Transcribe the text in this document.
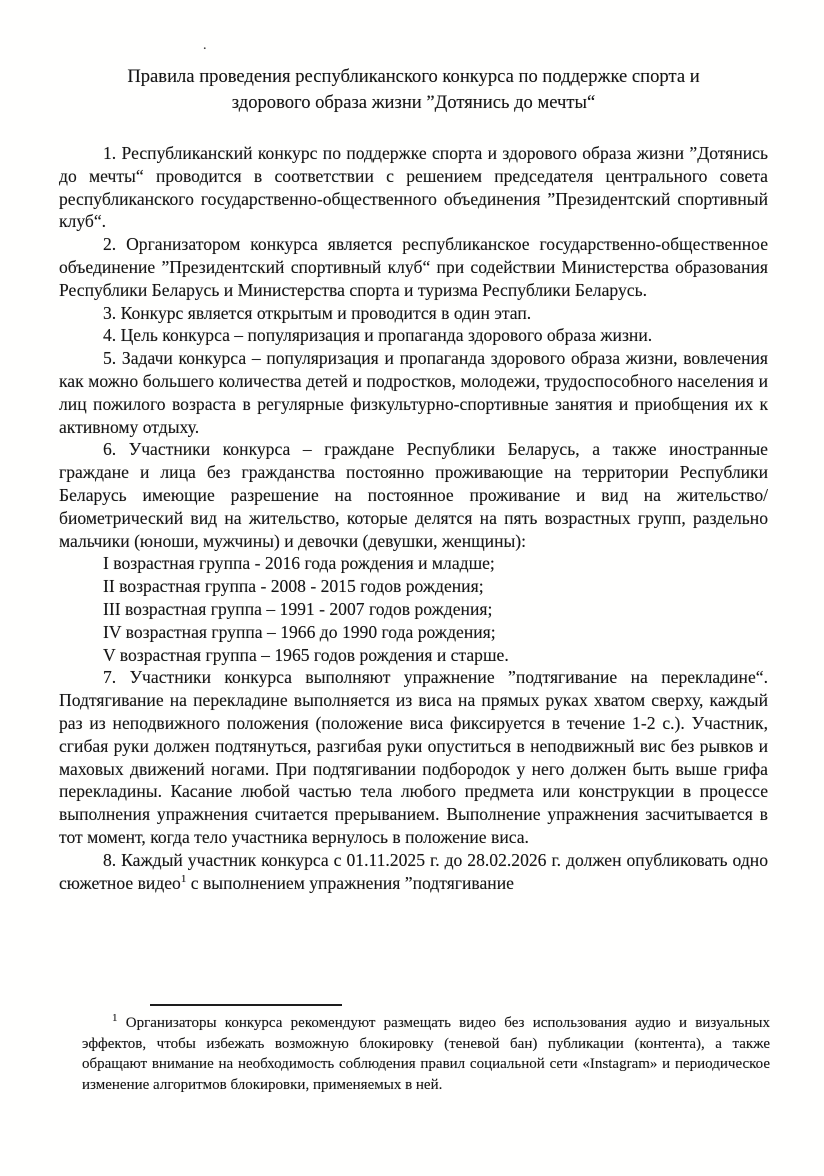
.
Правила проведения республиканского конкурса по поддержке спорта и
здорового образа жизни ”Дотянись до мечты“

1. Республиканский конкурс по поддержке спорта и здорового образа жизни ”Дотянись до мечты“ проводится в соответствии с решением председателя центрального совета республиканского государственно-общественного объединения ”Президентский спортивный клуб“.

2. Организатором конкурса является республиканское государственно-общественное объединение ”Президентский спортивный клуб“ при содействии Министерства образования Республики Беларусь и Министерства спорта и туризма Республики Беларусь.

3. Конкурс является открытым и проводится в один этап.

4. Цель конкурса – популяризация и пропаганда здорового образа жизни.

5. Задачи конкурса – популяризация и пропаганда здорового образа жизни, вовлечения как можно большего количества детей и подростков, молодежи, трудоспособного населения и лиц пожилого возраста в регулярные физкультурно-спортивные занятия и приобщения их к активному отдыху.

6. Участники конкурса – граждане Республики Беларусь, а также иностранные граждане и лица без гражданства постоянно проживающие на территории Республики Беларусь имеющие разрешение на постоянное проживание и вид на жительство/биометрический вид на жительство, которые делятся на пять возрастных групп, раздельно мальчики (юноши, мужчины) и девочки (девушки, женщины):

I возрастная группа - 2016 года рождения и младше;
II возрастная группа - 2008 - 2015 годов рождения;
III возрастная группа – 1991 - 2007 годов рождения;
IV возрастная группа – 1966 до 1990 года рождения;
V возрастная группа – 1965 годов рождения и старше.

7. Участники конкурса выполняют упражнение ”подтягивание на перекладине“. Подтягивание на перекладине выполняется из виса на прямых руках хватом сверху, каждый раз из неподвижного положения (положение виса фиксируется в течение 1-2 с.). Участник, сгибая руки должен подтянуться, разгибая руки опуститься в неподвижный вис без рывков и маховых движений ногами. При подтягивании подбородок у него должен быть выше грифа перекладины. Касание любой частью тела любого предмета или конструкции в процессе выполнения упражнения считается прерыванием. Выполнение упражнения засчитывается в тот момент, когда тело участника вернулось в положение виса.

8. Каждый участник конкурса с 01.11.2025 г. до 28.02.2026 г. должен опубликовать одно сюжетное видео$^1$ с выполнением упражнения ”подтягивание

$^1$ Организаторы конкурса рекомендуют размещать видео без использования аудио и визуальных эффектов, чтобы избежать возможную блокировку (теневой бан) публикации (контента), а также обращают внимание на необходимость соблюдения правил социальной сети «Instagram» и периодическое изменение алгоритмов блокировки, применяемых в ней.
